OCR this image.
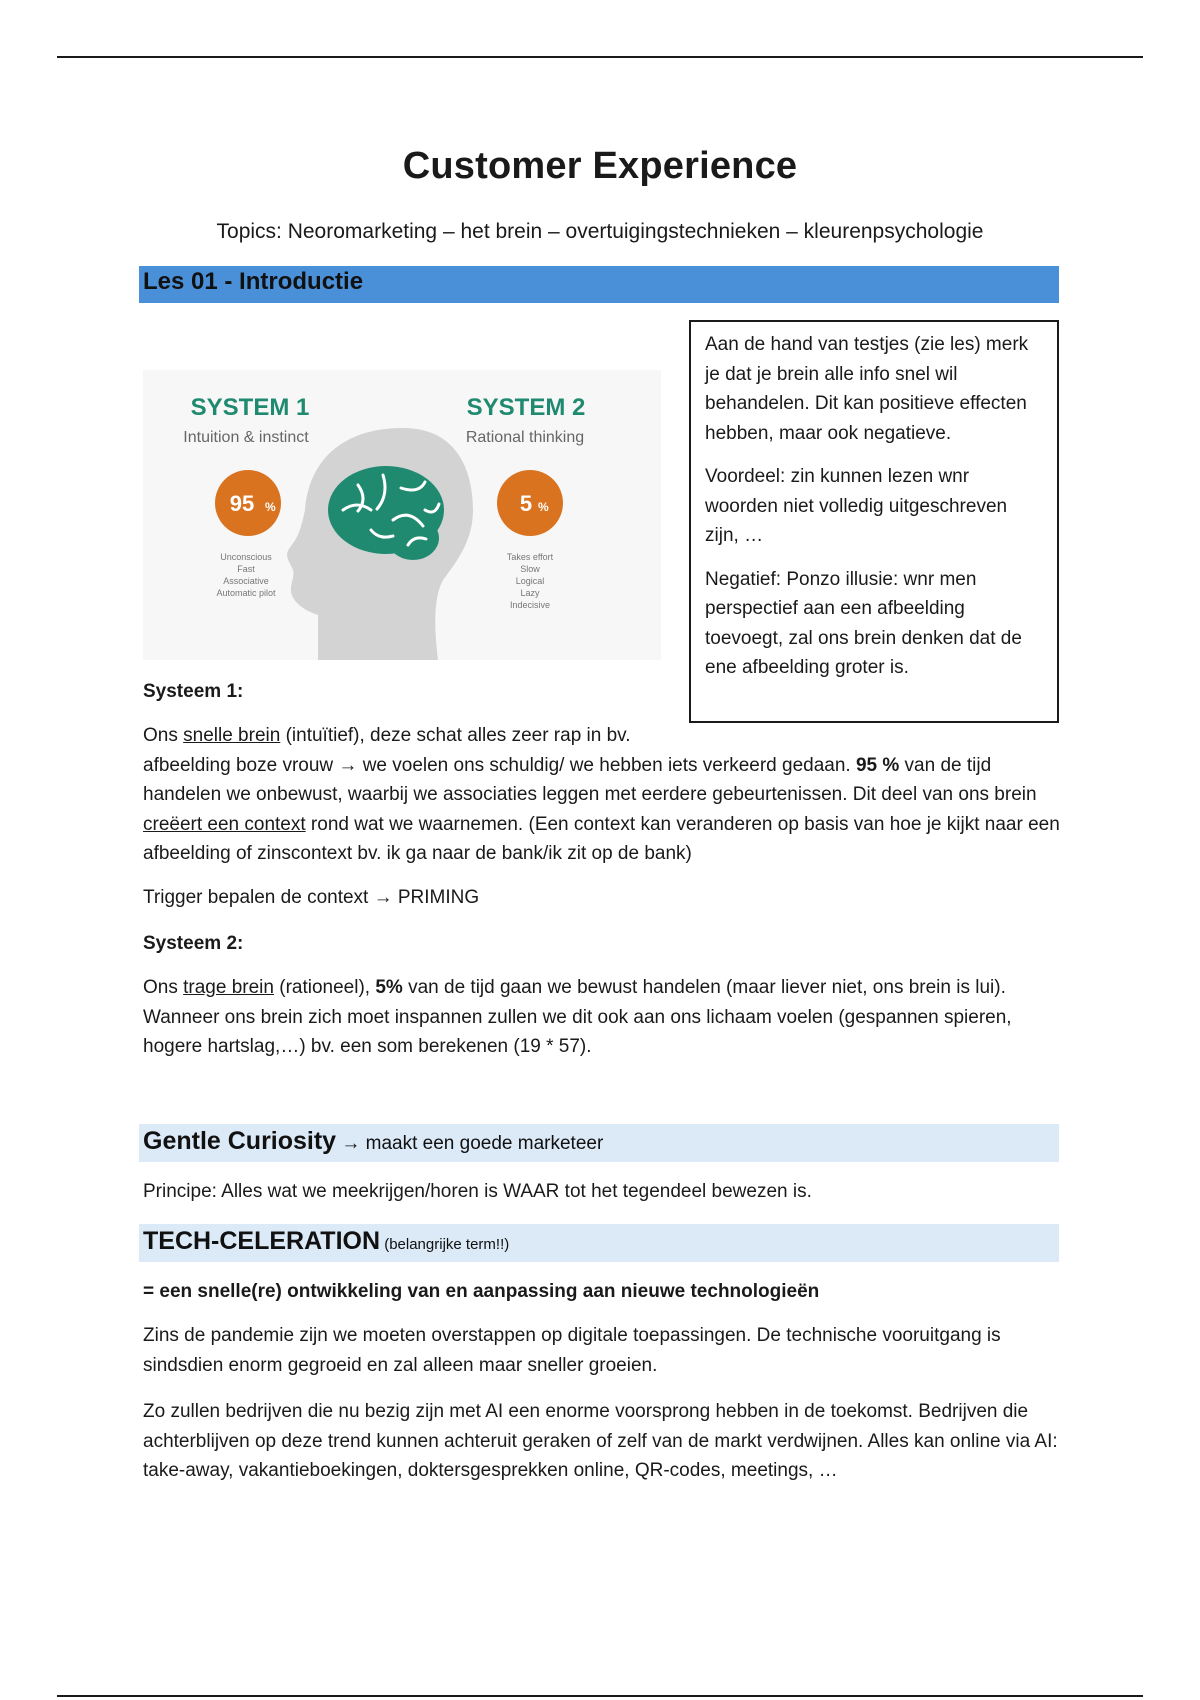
Customer Experience
Topics: Neoromarketing – het brein – overtuigingstechnieken – kleurenpsychologie
Les 01 - Introductie
SYSTEM 1
Intuition & instinct
SYSTEM 2
Rational thinking
95 %	5 %
Unconscious
Fast
Associative
Automatic pilot
Takes effort
Slow
Logical
Lazy
Indecisive

Aan de hand van testjes (zie les) merk je dat je brein alle info snel wil behandelen. Dit kan positieve effecten hebben, maar ook negatieve.

Voordeel: zin kunnen lezen wnr woorden niet volledig uitgeschreven zijn, …

Negatief: Ponzo illusie: wnr men perspectief aan een afbeelding toevoegt, zal ons brein denken dat de ene afbeelding groter is.

Systeem 1:

Ons snelle brein (intuïtief), deze schat alles zeer rap in bv.

afbeelding boze vrouw → we voelen ons schuldig/ we hebben iets verkeerd gedaan. 95 % van de tijd handelen we onbewust, waarbij we associaties leggen met eerdere gebeurtenissen. Dit deel van ons brein creëert een context rond wat we waarnemen. (Een context kan veranderen op basis van hoe je kijkt naar een afbeelding of zinscontext bv. ik ga naar de bank/ik zit op de bank)

Trigger bepalen de context → PRIMING
Systeem 2:

Ons trage brein (rationeel), 5% van de tijd gaan we bewust handelen (maar liever niet, ons brein is lui). Wanneer ons brein zich moet inspannen zullen we dit ook aan ons lichaam voelen (gespannen spieren, hogere hartslag,…) bv. een som berekenen (19 * 57).

Gentle Curiosity → maakt een goede marketeer
Principe: Alles wat we meekrijgen/horen is WAAR tot het tegendeel bewezen is.
TECH-CELERATION (belangrijke term!!)
= een snelle(re) ontwikkeling van en aanpassing aan nieuwe technologieën
Zins de pandemie zijn we moeten overstappen op digitale toepassingen. De technische vooruitgang is sindsdien enorm gegroeid en zal alleen maar sneller groeien.
Zo zullen bedrijven die nu bezig zijn met AI een enorme voorsprong hebben in de toekomst. Bedrijven die achterblijven op deze trend kunnen achteruit geraken of zelf van de markt verdwijnen. Alles kan online via AI: take-away, vakantieboekingen, doktersgesprekken online, QR-codes, meetings, …
